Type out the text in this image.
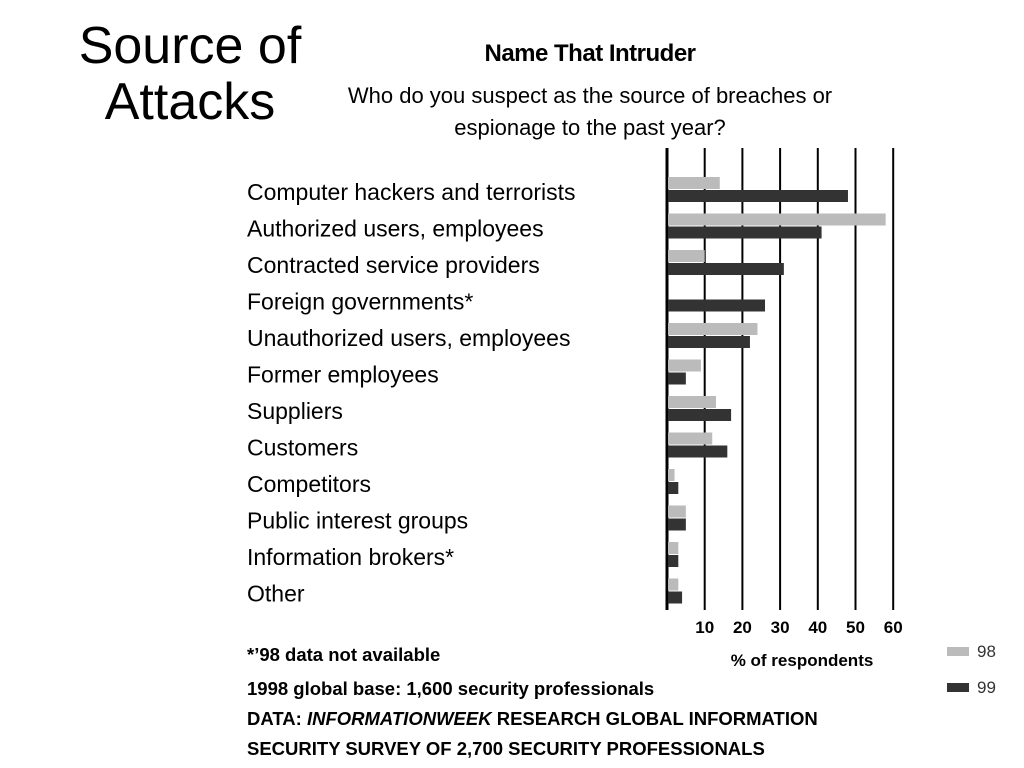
Source of Attacks
Name That Intruder
Who do you suspect as the source of breaches or espionage to the past year?
Computer hackers and terrorists
Authorized users, employees
Contracted service providers
Foreign governments*
Unauthorized users, employees
Former employees
Suppliers
Customers
Competitors
Public interest groups
Information brokers*
Other
10 20 30 40 50 60
% of respondents	98
99
*’98 data not available
1998 global base: 1,600 security professionals
DATA: INFORMATIONWEEK RESEARCH GLOBAL INFORMATION
SECURITY SURVEY OF 2,700 SECURITY PROFESSIONALS
